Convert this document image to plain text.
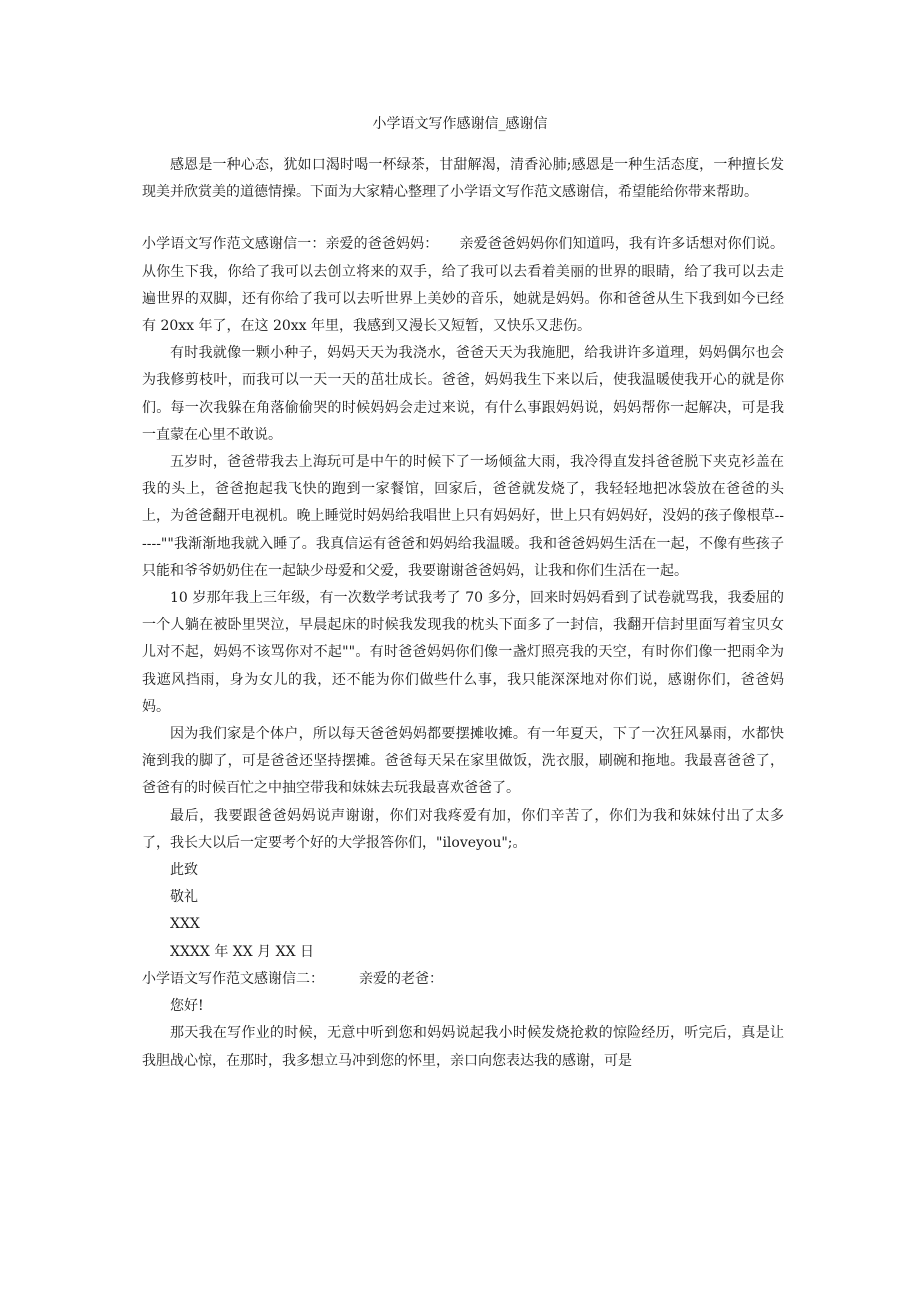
小学语文写作感谢信_感谢信

感恩是一种心态，犹如口渴时喝一杯绿茶，甘甜解渴，清香沁肺;感恩是一种生活态度，一种擅长发现美并欣赏美的道德情操。下面为大家精心整理了小学语文写作范文感谢信，希望能给你带来帮助。

小学语文写作范文感谢信一：亲爱的爸爸妈妈：　　亲爱爸爸妈妈你们知道吗，我有许多话想对你们说。从你生下我，你给了我可以去创立将来的双手，给了我可以去看着美丽的世界的眼睛，给了我可以去走遍世界的双脚，还有你给了我可以去听世界上美妙的音乐，她就是妈妈。你和爸爸从生下我到如今已经有 20xx 年了，在这 20xx 年里，我感到又漫长又短暂，又快乐又悲伤。

有时我就像一颗小种子，妈妈天天为我浇水，爸爸天天为我施肥，给我讲许多道理，妈妈偶尔也会为我修剪枝叶，而我可以一天一天的茁壮成长。爸爸，妈妈我生下来以后，使我温暖使我开心的就是你们。每一次我躲在角落偷偷哭的时候妈妈会走过来说，有什么事跟妈妈说，妈妈帮你一起解决，可是我一直蒙在心里不敢说。

五岁时，爸爸带我去上海玩可是中午的时候下了一场倾盆大雨，我冷得直发抖爸爸脱下夹克衫盖在我的头上，爸爸抱起我飞快的跑到一家餐馆，回家后，爸爸就发烧了，我轻轻地把冰袋放在爸爸的头上，为爸爸翻开电视机。晚上睡觉时妈妈给我唱世上只有妈妈好，世上只有妈妈好，没妈的孩子像根草------""我渐渐地我就入睡了。我真信运有爸爸和妈妈给我温暖。我和爸爸妈妈生活在一起，不像有些孩子只能和爷爷奶奶住在一起缺少母爱和父爱，我要谢谢爸爸妈妈，让我和你们生活在一起。

10 岁那年我上三年级，有一次数学考试我考了 70 多分，回来时妈妈看到了试卷就骂我，我委屈的一个人躺在被卧里哭泣，早晨起床的时候我发现我的枕头下面多了一封信，我翻开信封里面写着宝贝女儿对不起，妈妈不该骂你对不起""。有时爸爸妈妈你们像一盏灯照亮我的天空，有时你们像一把雨伞为我遮风挡雨，身为女儿的我，还不能为你们做些什么事，我只能深深地对你们说，感谢你们，爸爸妈妈。

因为我们家是个体户，所以每天爸爸妈妈都要摆摊收摊。有一年夏天，下了一次狂风暴雨，水都快淹到我的脚了，可是爸爸还坚持摆摊。爸爸每天呆在家里做饭，洗衣服，刷碗和拖地。我最喜爸爸了，爸爸有的时候百忙之中抽空带我和妹妹去玩我最喜欢爸爸了。

最后，我要跟爸爸妈妈说声谢谢，你们对我疼爱有加，你们辛苦了，你们为我和妹妹付出了太多了，我长大以后一定要考个好的大学报答你们，"iloveyou";。

此致

敬礼

XXX

XXXX 年 XX 月 XX 日

小学语文写作范文感谢信二：　　　亲爱的老爸：

您好!

那天我在写作业的时候，无意中听到您和妈妈说起我小时候发烧抢救的惊险经历，听完后，真是让我胆战心惊，在那时，我多想立马冲到您的怀里，亲口向您表达我的感谢，可是
